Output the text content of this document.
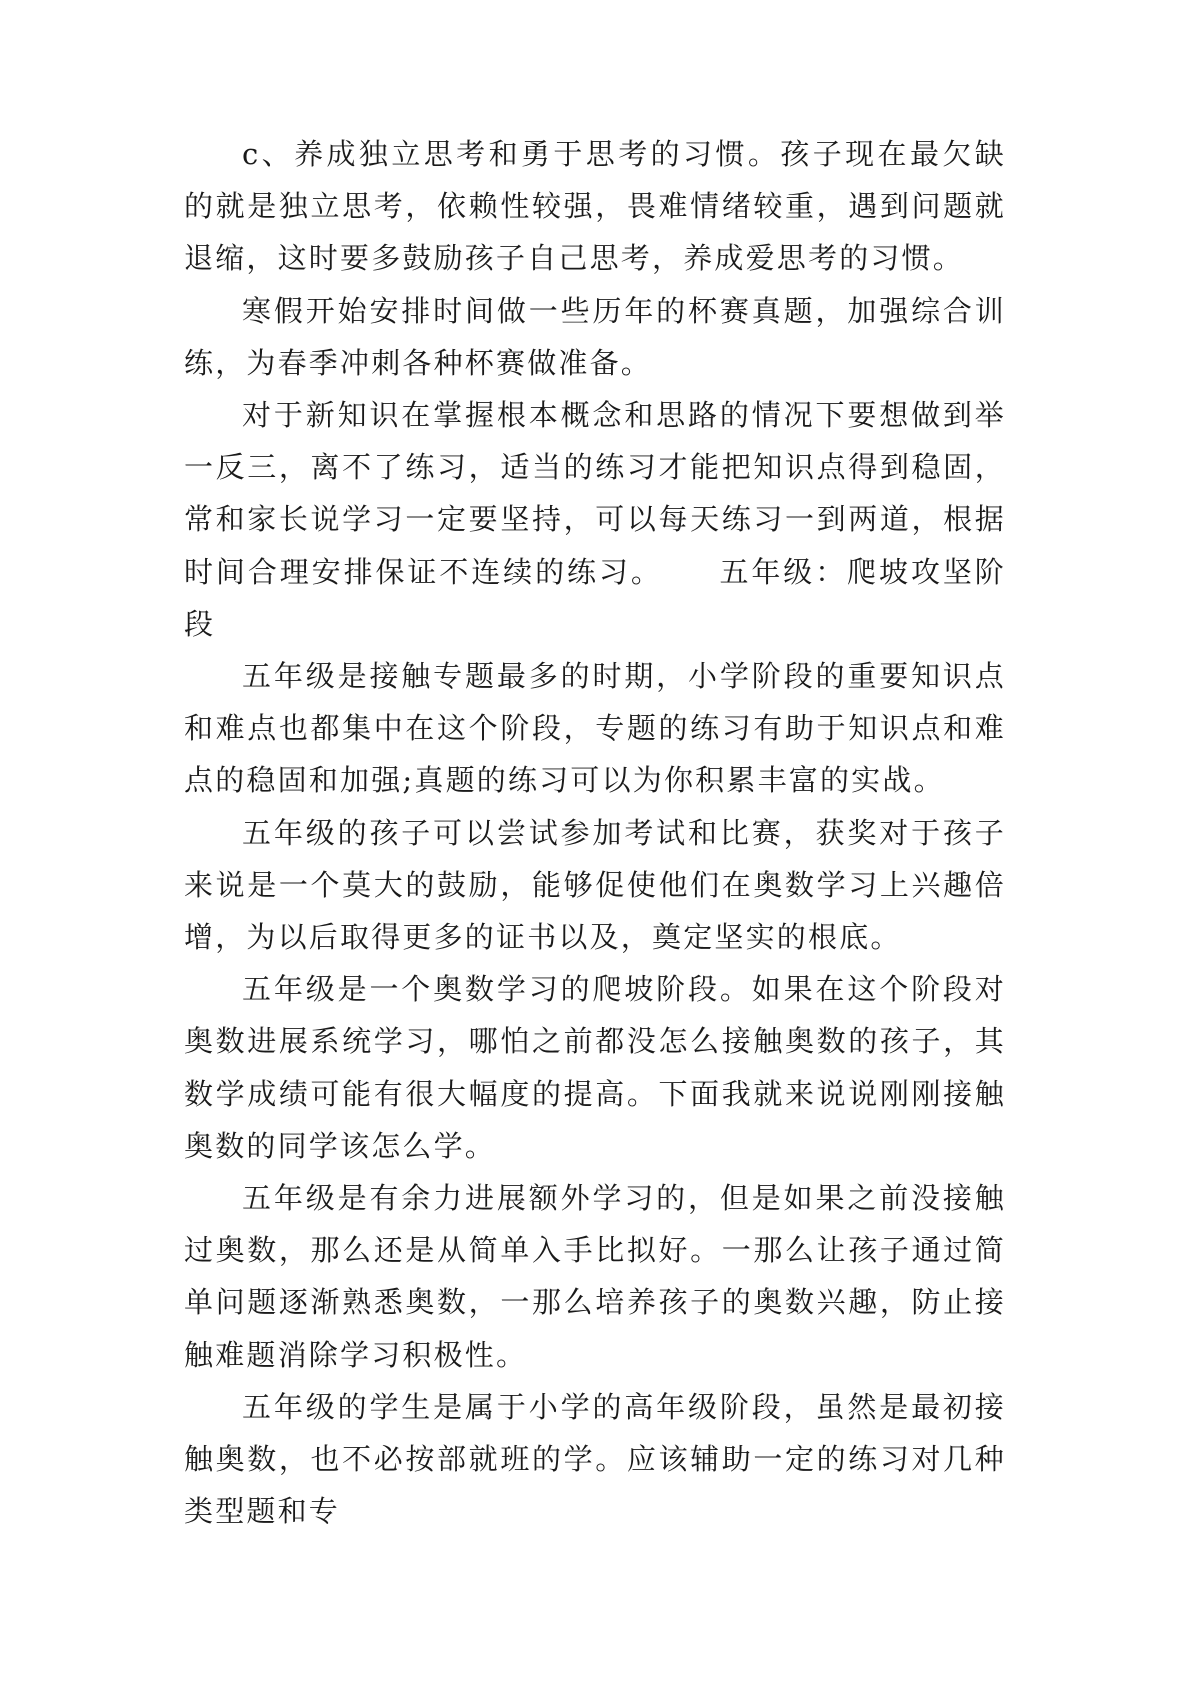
c、养成独立思考和勇于思考的习惯。孩子现在最欠缺的就是独立思考，依赖性较强，畏难情绪较重，遇到问题就退缩，这时要多鼓励孩子自己思考，养成爱思考的习惯。

寒假开始安排时间做一些历年的杯赛真题，加强综合训练，为春季冲刺各种杯赛做准备。

对于新知识在掌握根本概念和思路的情况下要想做到举一反三，离不了练习，适当的练习才能把知识点得到稳固，常和家长说学习一定要坚持，可以每天练习一到两道，根据时间合理安排保证不连续的练习。 五年级：爬坡攻坚阶段

五年级是接触专题最多的时期，小学阶段的重要知识点和难点也都集中在这个阶段，专题的练习有助于知识点和难点的稳固和加强;真题的练习可以为你积累丰富的实战。

五年级的孩子可以尝试参加考试和比赛，获奖对于孩子来说是一个莫大的鼓励，能够促使他们在奥数学习上兴趣倍增，为以后取得更多的证书以及，奠定坚实的根底。

五年级是一个奥数学习的爬坡阶段。如果在这个阶段对奥数进展系统学习，哪怕之前都没怎么接触奥数的孩子，其数学成绩可能有很大幅度的提高。下面我就来说说刚刚接触奥数的同学该怎么学。

五年级是有余力进展额外学习的，但是如果之前没接触过奥数，那么还是从简单入手比拟好。一那么让孩子通过简单问题逐渐熟悉奥数，一那么培养孩子的奥数兴趣，防止接触难题消除学习积极性。

五年级的学生是属于小学的高年级阶段，虽然是最初接触奥数，也不必按部就班的学。应该辅助一定的练习对几种类型题和专
